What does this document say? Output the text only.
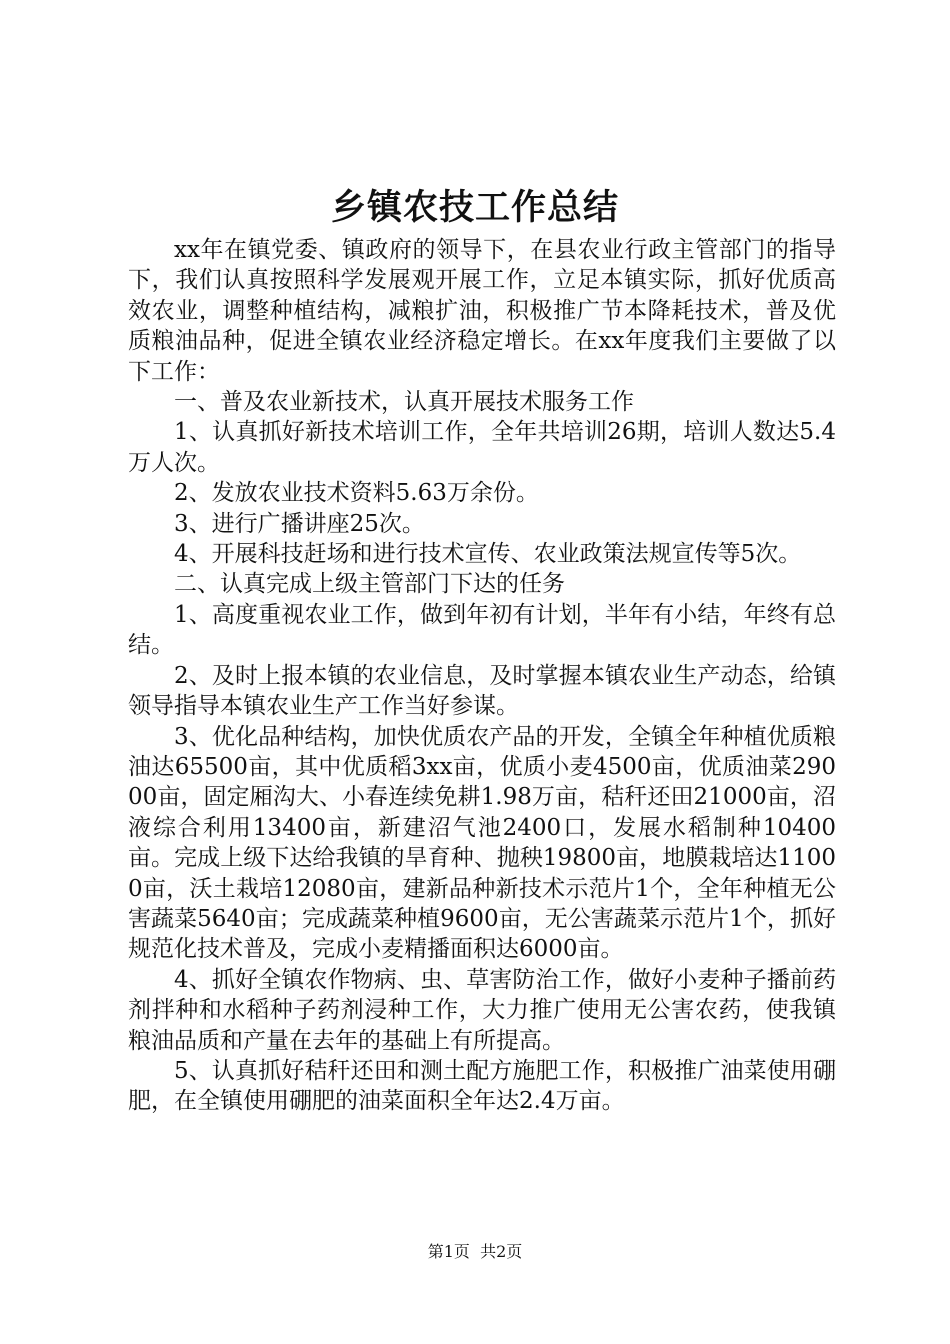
乡镇农技工作总结

xx年在镇党委、镇政府的领导下，在县农业行政主管部门的指导下，我们认真按照科学发展观开展工作，立足本镇实际，抓好优质高效农业，调整种植结构，减粮扩油，积极推广节本降耗技术，普及优质粮油品种，促进全镇农业经济稳定增长。在xx年度我们主要做了以下工作：

一、普及农业新技术，认真开展技术服务工作

1、认真抓好新技术培训工作，全年共培训26期，培训人数达5.4万人次。

2、发放农业技术资料5.63万余份。

3、进行广播讲座25次。

4、开展科技赶场和进行技术宣传、农业政策法规宣传等5次。

二、认真完成上级主管部门下达的任务

1、高度重视农业工作，做到年初有计划，半年有小结，年终有总结。

2、及时上报本镇的农业信息，及时掌握本镇农业生产动态，给镇领导指导本镇农业生产工作当好参谋。

3、优化品种结构，加快优质农产品的开发，全镇全年种植优质粮油达65500亩，其中优质稻3xx亩，优质小麦4500亩，优质油菜29000亩，固定厢沟大、小春连续免耕1.98万亩，秸秆还田21000亩，沼液综合利用13400亩，新建沼气池2400口，发展水稻制种10400亩。完成上级下达给我镇的旱育种、抛秧19800亩，地膜栽培达11000亩，沃土栽培12080亩，建新品种新技术示范片1个，全年种植无公害蔬菜5640亩；完成蔬菜种植9600亩，无公害蔬菜示范片1个，抓好规范化技术普及，完成小麦精播面积达6000亩。

4、抓好全镇农作物病、虫、草害防治工作，做好小麦种子播前药剂拌种和水稻种子药剂浸种工作，大力推广使用无公害农药，使我镇粮油品质和产量在去年的基础上有所提高。

5、认真抓好秸秆还田和测土配方施肥工作，积极推广油菜使用硼肥，在全镇使用硼肥的油菜面积全年达2.4万亩。

第1页 共2页
